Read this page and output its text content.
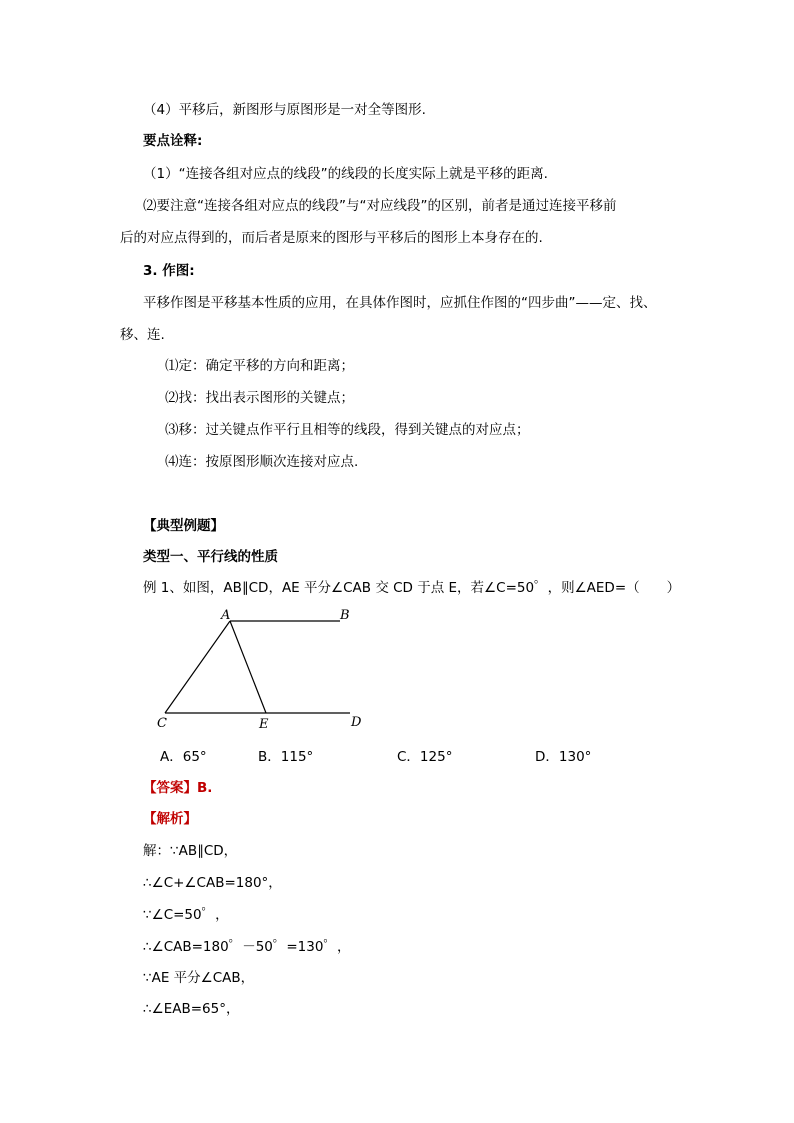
（4）平移后，新图形与原图形是一对全等图形.
要点诠释:
（1）“连接各组对应点的线段”的线段的长度实际上就是平移的距离.
⑵要注意“连接各组对应点的线段”与“对应线段”的区别，前者是通过连接平移前
后的对应点得到的，而后者是原来的图形与平移后的图形上本身存在的.
3. 作图:
平移作图是平移基本性质的应用，在具体作图时，应抓住作图的“四步曲”——定、找、
移、连.
⑴定：确定平移的方向和距离；
⑵找：找出表示图形的关键点；
⑶移：过关键点作平行且相等的线段，得到关键点的对应点；
⑷连：按原图形顺次连接对应点.
【典型例题】
类型一、平行线的性质
例 1、如图，AB∥CD，AE 平分∠CAB 交 CD 于点 E，若∠C=50゜，则∠AED=（　　）
A	B
C	E	D
A．65°	B．115°	C．125°	D．130°
【答案】B.
【解析】
解：∵AB∥CD，
∴∠C+∠CAB=180°，
∵∠C=50゜，
∴∠CAB=180゜－50゜=130゜，
∵AE 平分∠CAB，
∴∠EAB=65°，
